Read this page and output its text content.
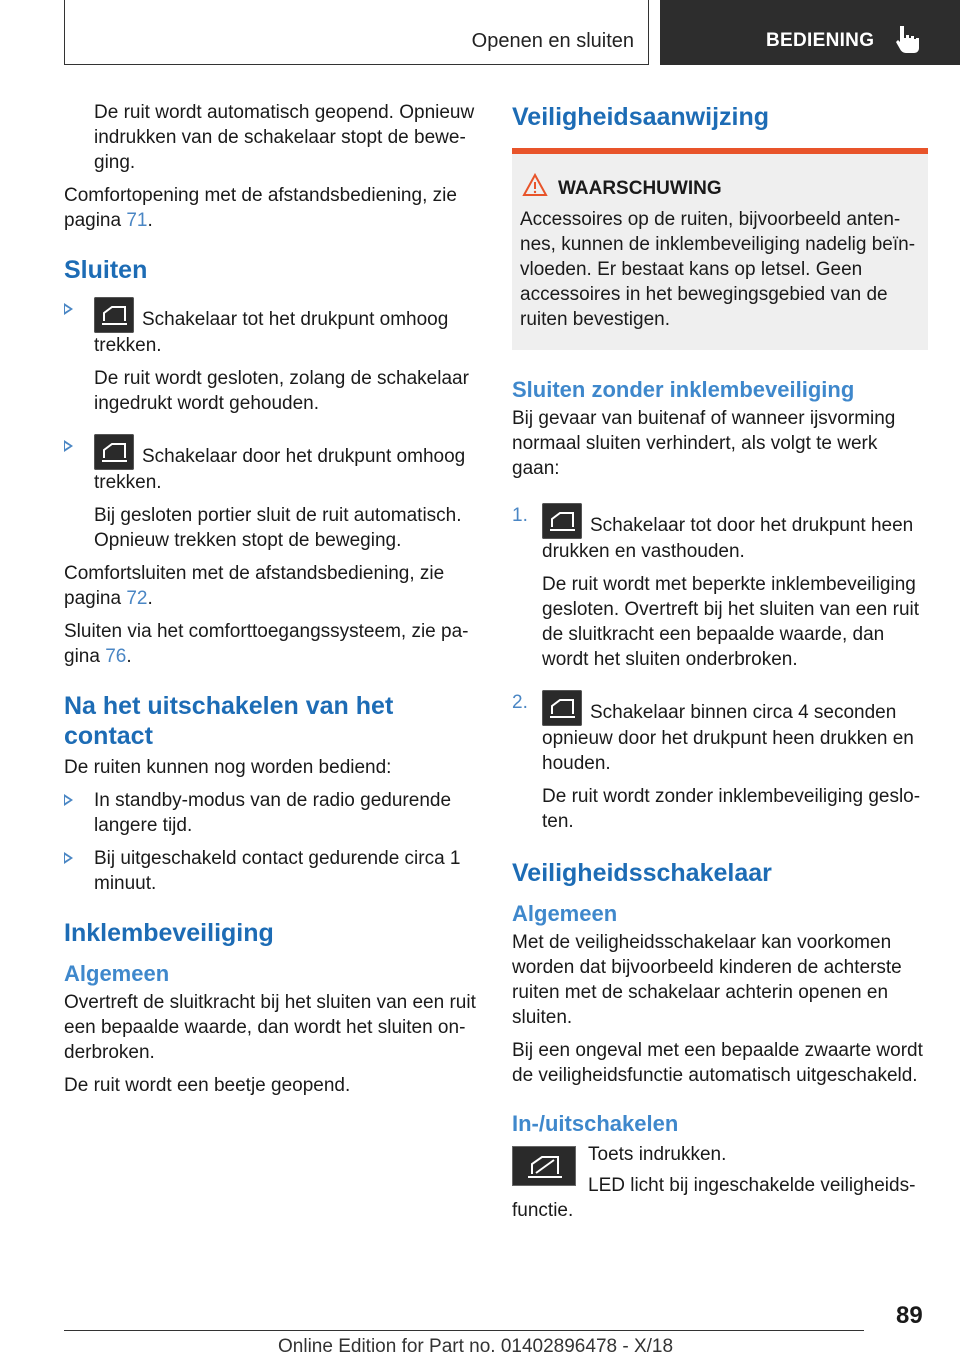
Openen en sluiten	BEDIENING

De ruit wordt automatisch geopend. Opnieuw indrukken van de schakelaar stopt de beweging.

Comfortopening met de afstandsbediening, zie pagina 71.

Sluiten
Schakelaar tot het drukpunt omhoog trekken.
De ruit wordt gesloten, zolang de schakelaar ingedrukt wordt gehouden.
Schakelaar door het drukpunt omhoog trekken.
Bij gesloten portier sluit de ruit automatisch. Opnieuw trekken stopt de beweging.

Comfortsluiten met de afstandsbediening, zie pagina 72.

Sluiten via het comforttoegangssysteem, zie pagina 76.

Na het uitschakelen van het contact

De ruiten kunnen nog worden bediend:

In standby-modus van de radio gedurende langere tijd.
Bij uitgeschakeld contact gedurende circa 1 minuut.
Inklembeveiliging
Algemeen

Overtreft de sluitkracht bij het sluiten van een ruit een bepaalde waarde, dan wordt het sluiten onderbroken.

De ruit wordt een beetje geopend.

Veiligheidsaanwijzing
WAARSCHUWING
Accessoires op de ruiten, bijvoorbeeld antennes, kunnen de inklembeveiliging nadelig beïnvloeden. Er bestaat kans op letsel. Geen accessoires in het bewegingsgebied van de ruiten bevestigen.
Sluiten zonder inklembeveiliging

Bij gevaar van buitenaf of wanneer ijsvorming normaal sluiten verhindert, als volgt te werk gaan:

1.	Schakelaar tot door het drukpunt heen drukken en vasthouden.
De ruit wordt met beperkte inklembeveiliging gesloten. Overtreft bij het sluiten van een ruit de sluitkracht een bepaalde waarde, dan wordt het sluiten onderbroken.
2.	Schakelaar binnen circa 4 seconden opnieuw door het drukpunt heen drukken en houden.
De ruit wordt zonder inklembeveiliging gesloten.
Veiligheidsschakelaar
Algemeen

Met de veiligheidsschakelaar kan voorkomen worden dat bijvoorbeeld kinderen de achterste ruiten met de schakelaar achterin openen en sluiten.

Bij een ongeval met een bepaalde zwaarte wordt de veiligheidsfunctie automatisch uitgeschakeld.

In-/uitschakelen

Toets indrukken.

LED licht bij ingeschakelde veiligheidsfunctie.

89
Online Edition for Part no. 01402896478 - X/18
